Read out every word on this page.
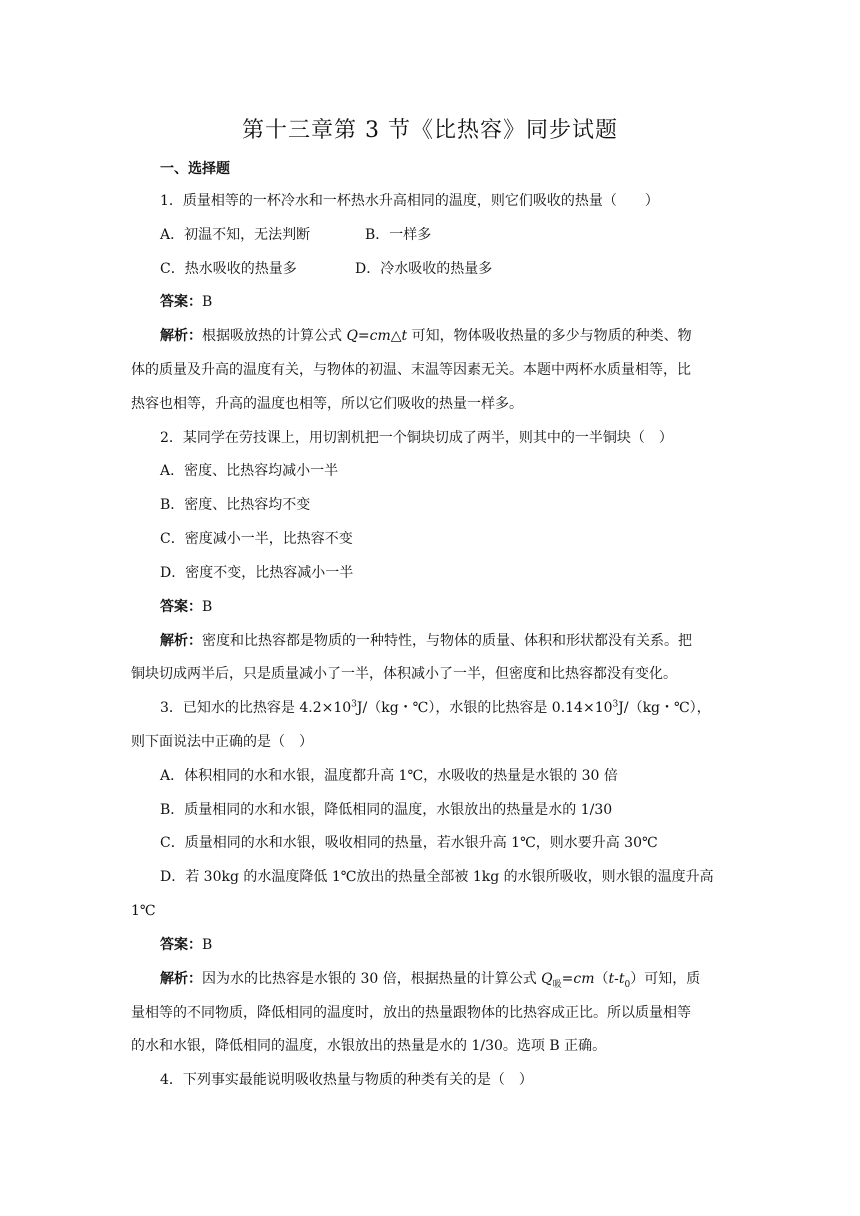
第十三章第 3 节《比热容》同步试题
一、选择题
1．质量相等的一杯冷水和一杯热水升高相同的温度，则它们吸收的热量（　　）
A．初温不知，无法判断	B．一样多
C．热水吸收的热量多	D．冷水吸收的热量多
答案：B
解析：根据吸放热的计算公式 Q=cm△t 可知，物体吸收热量的多少与物质的种类、物
体的质量及升高的温度有关，与物体的初温、末温等因素无关。本题中两杯水质量相等，比
热容也相等，升高的温度也相等，所以它们吸收的热量一样多。
2．某同学在劳技课上，用切割机把一个铜块切成了两半，则其中的一半铜块（　）
A．密度、比热容均减小一半
B．密度、比热容均不变
C．密度减小一半，比热容不变
D．密度不变，比热容减小一半
答案：B
解析：密度和比热容都是物质的一种特性，与物体的质量、体积和形状都没有关系。把
铜块切成两半后，只是质量减小了一半，体积减小了一半，但密度和比热容都没有变化。
3．已知水的比热容是 $4.2\times 10^3J/(kg$・℃），水银的比热容是 $0.14\times 10^3J/(kg$・℃），
则下面说法中正确的是（　）
A．体积相同的水和水银，温度都升高 1℃，水吸收的热量是水银的 30 倍
B．质量相同的水和水银，降低相同的温度，水银放出的热量是水的 1/30
C．质量相同的水和水银，吸收相同的热量，若水银升高 1℃，则水要升高 30℃
D．若 30kg 的水温度降低 1℃放出的热量全部被 1kg 的水银所吸收，则水银的温度升高
1℃
答案：B
解析：因为水的比热容是水银的 30 倍，根据热量的计算公式 $Q_吸=cm(t-t_0)$可知，质
量相等的不同物质，降低相同的温度时，放出的热量跟物体的比热容成正比。所以质量相等
的水和水银，降低相同的温度，水银放出的热量是水的 1/30。选项 B 正确。
4．下列事实最能说明吸收热量与物质的种类有关的是（　）
